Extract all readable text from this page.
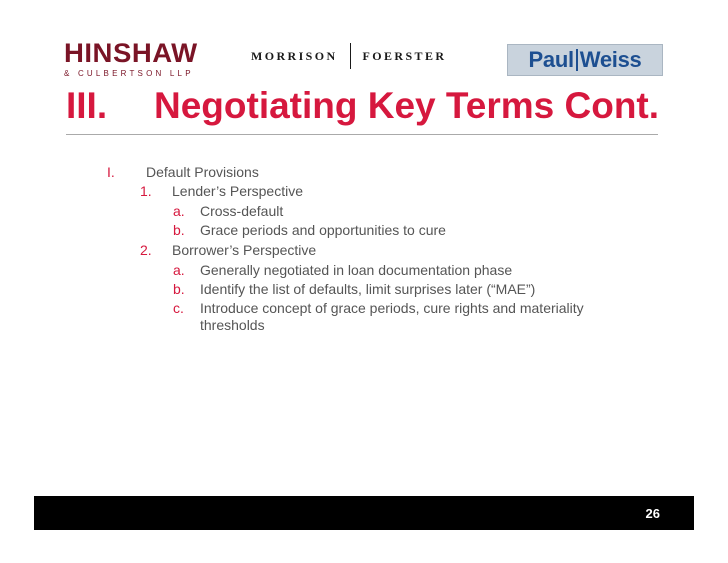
HINSHAW
& CULBERTSON LLP
MORRISON FOERSTER	Paul Weiss
III. Negotiating Key Terms Cont.
I. Default Provisions
1. Lender’s Perspective
a. Cross-default
b. Grace periods and opportunities to cure
2. Borrower’s Perspective
a. Generally negotiated in loan documentation phase
b. Identify the list of defaults, limit surprises later (“MAE”)
c. Introduce concept of grace periods, cure rights and materiality
thresholds
26
